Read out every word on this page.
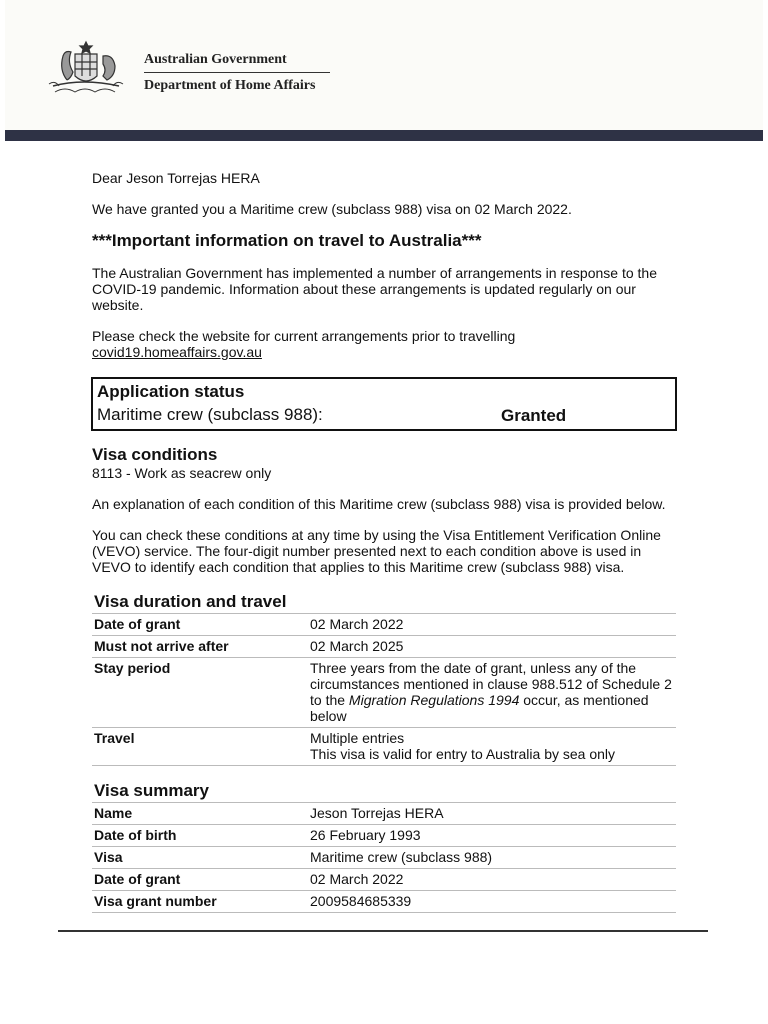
Australian Government
Department of Home Affairs

Dear Jeson Torrejas HERA

We have granted you a Maritime crew (subclass 988) visa on 02 March 2022.

***Important information on travel to Australia***

The Australian Government has implemented a number of arrangements in response to the COVID-19 pandemic. Information about these arrangements is updated regularly on our website.

Please check the website for current arrangements prior to travelling

covid19.homeaffairs.gov.au

Application status
Maritime crew (subclass 988):	Granted
Visa conditions
8113 - Work as seacrew only

An explanation of each condition of this Maritime crew (subclass 988) visa is provided below.

You can check these conditions at any time by using the Visa Entitlement Verification Online (VEVO) service. The four-digit number presented next to each condition above is used in VEVO to identify each condition that applies to this Maritime crew (subclass 988) visa.

Visa duration and travel
Date of grant	02 March 2022
Must not arrive after	02 March 2025
Stay period	Three years from the date of grant, unless any of the circumstances mentioned in clause 988.512 of Schedule 2 to the Migration Regulations 1994 occur, as mentioned below
Travel	Multiple entries
This visa is valid for entry to Australia by sea only
Visa summary
Name	Jeson Torrejas HERA
Date of birth	26 February 1993
Visa	Maritime crew (subclass 988)
Date of grant	02 March 2022
Visa grant number	2009584685339
